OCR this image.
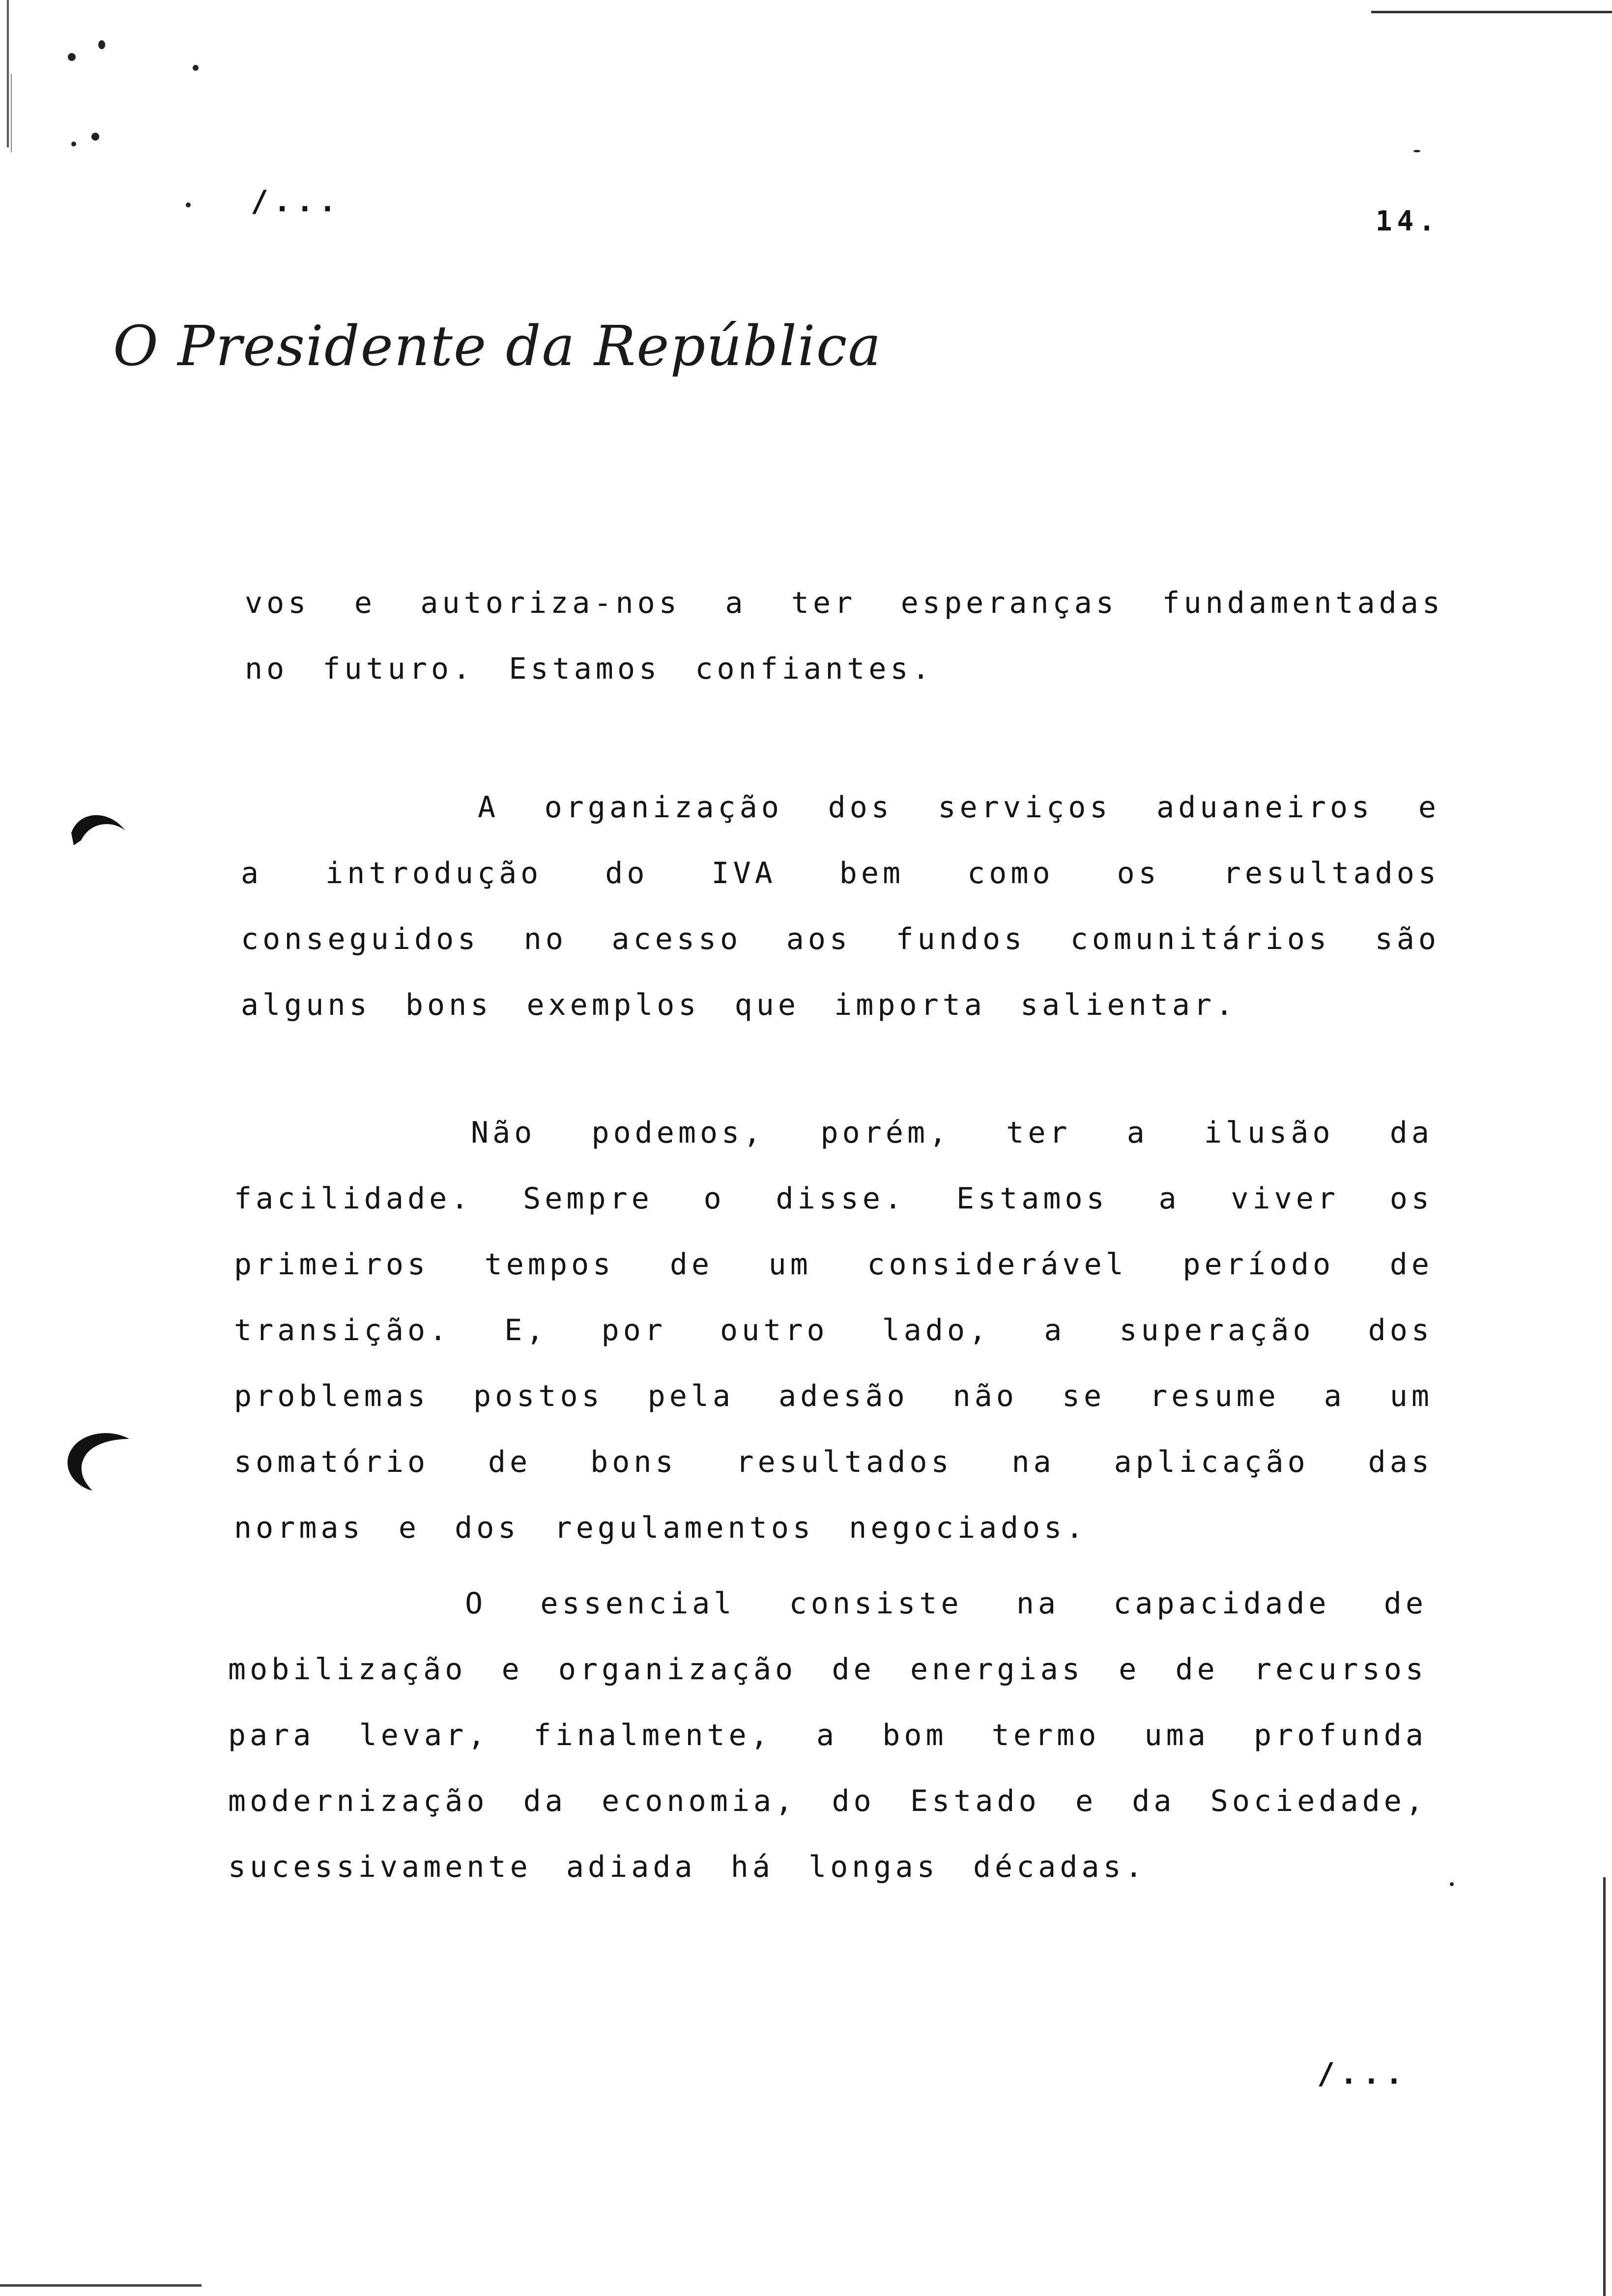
/...
14.
O Presidente da República
vos e autoriza-nos a ter esperanças fundamentadas no futuro. Estamos confiantes.
A organização dos serviços aduaneiros e a introdução do IVA bem como os resultados conseguidos no acesso aos fundos comunitários são alguns bons exemplos que importa salientar.
Não podemos, porém, ter a ilusão da facilidade. Sempre o disse. Estamos a viver os primeiros tempos de um considerável período de transição. E, por outro lado, a superação dos problemas postos pela adesão não se resume a um somatório de bons resultados na aplicação das normas e dos regulamentos negociados.
O essencial consiste na capacidade de mobilização e organização de energias e de recursos para levar, finalmente, a bom termo uma profunda modernização da economia, do Estado e da Sociedade, sucessivamente adiada há longas décadas.
/...
